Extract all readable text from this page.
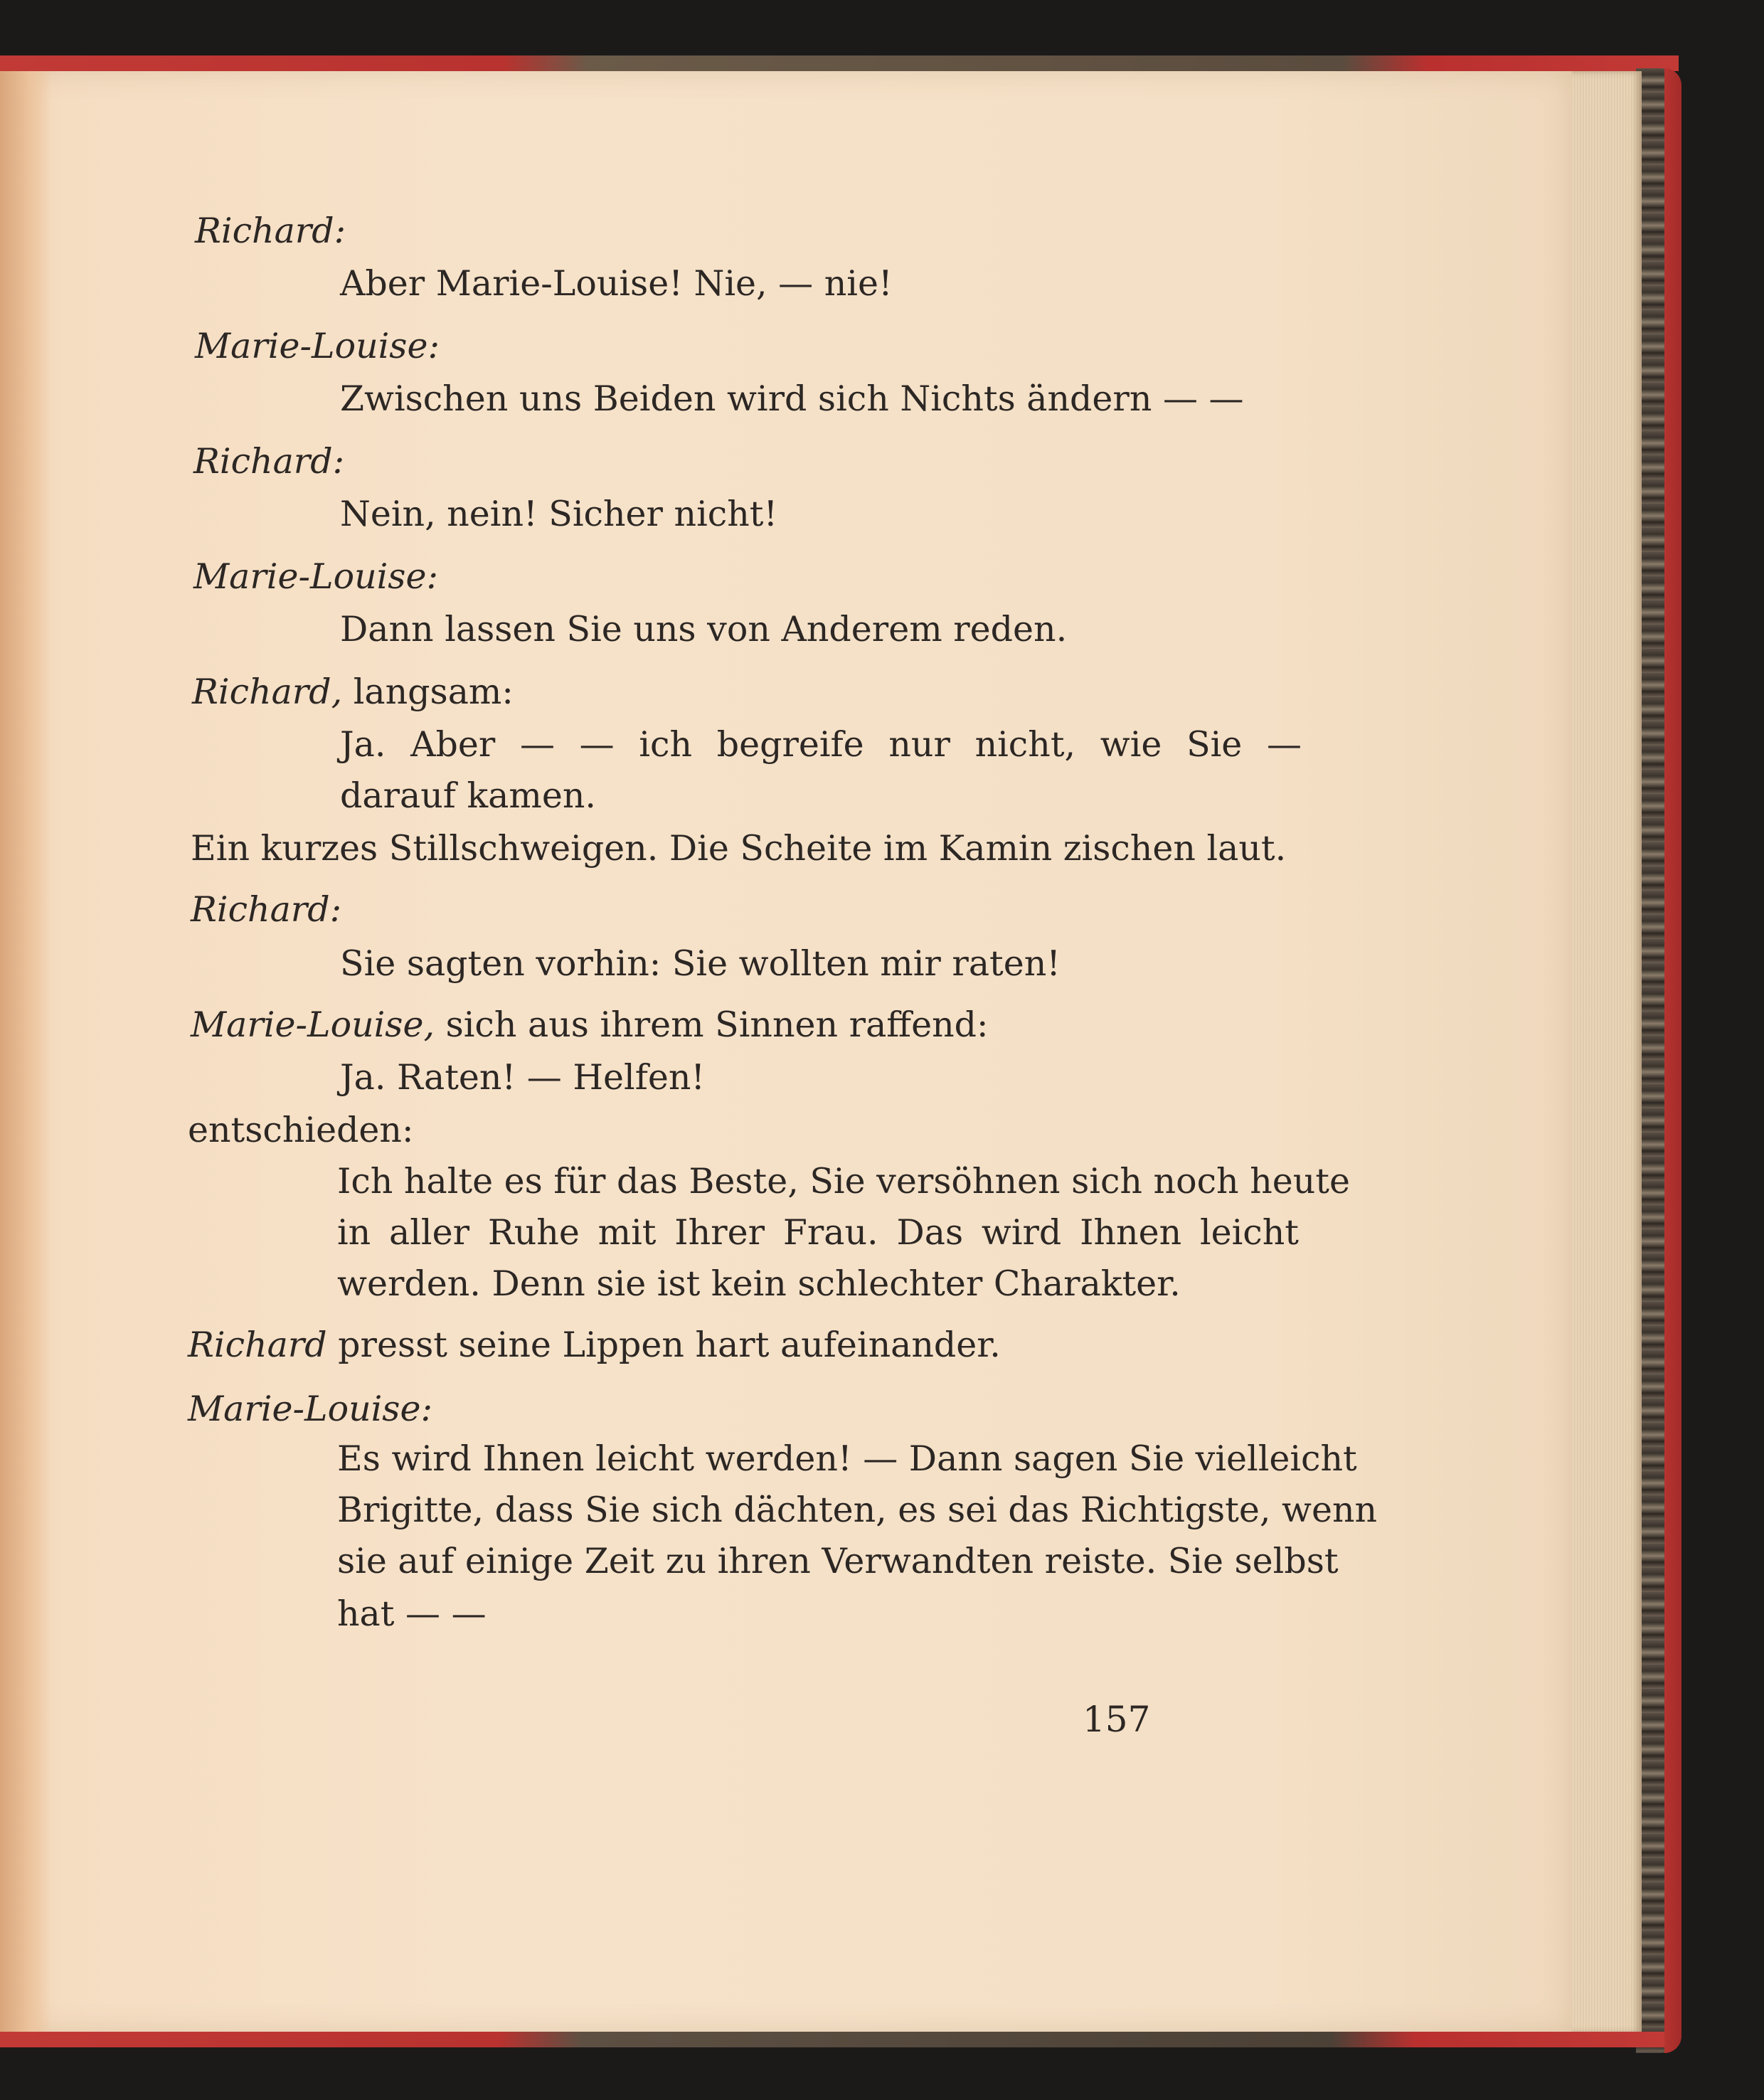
Richard:
Aber Marie-Louise! Nie, — nie!
Marie-Louise:
Zwischen uns Beiden wird sich Nichts ändern — —
Richard:
Nein, nein! Sicher nicht!
Marie-Louise:
Dann lassen Sie uns von Anderem reden.
Richard, langsam:
Ja. Aber — — ich begreife nur nicht, wie Sie —
darauf kamen.
Ein kurzes Stillschweigen. Die Scheite im Kamin zischen laut.
Richard:
Sie sagten vorhin: Sie wollten mir raten!
Marie-Louise, sich aus ihrem Sinnen raffend:
Ja. Raten! — Helfen!
entschieden:
Ich halte es für das Beste, Sie versöhnen sich noch heute
in aller Ruhe mit Ihrer Frau. Das wird Ihnen leicht
werden. Denn sie ist kein schlechter Charakter.
Richard presst seine Lippen hart aufeinander.
Marie-Louise:
Es wird Ihnen leicht werden! — Dann sagen Sie vielleicht
Brigitte, dass Sie sich dächten, es sei das Richtigste, wenn
sie auf einige Zeit zu ihren Verwandten reiste. Sie selbst
hat — —
157
